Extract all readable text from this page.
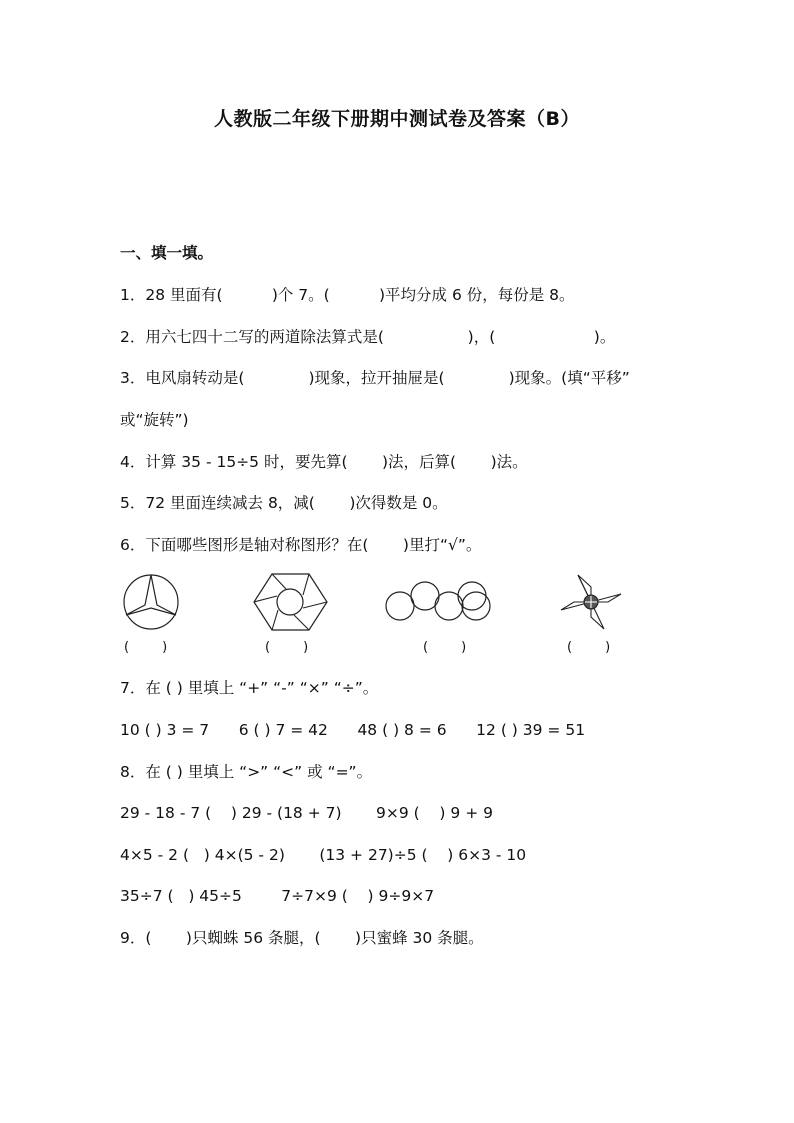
人教版二年级下册期中测试卷及答案（B）
一、填一填。
1．28 里面有(          )个 7。(          )平均分成 6 份，每份是 8。
2．用六七四十二写的两道除法算式是(                 )，(                    )。
3．电风扇转动是(             )现象，拉开抽屉是(             )现象。(填“平移”
或“旋转”)
4．计算 35 - 15÷5 时，要先算(       )法，后算(       )法。
5．72 里面连续减去 8，减(       )次得数是 0。
6．下面哪些图形是轴对称图形？在(       )里打“√”。
(        )	(        )	(        )	(        )
7．在 ( ) 里填上 “+” “-” “×” “÷”。
10 ( ) 3 = 7      6 ( ) 7 = 42      48 ( ) 8 = 6      12 ( ) 39 = 51
8．在 ( ) 里填上 “>” “<” 或 “=”。
29 - 18 - 7 (    ) 29 - (18 + 7)       9×9 (    ) 9 + 9
4×5 - 2 (   ) 4×(5 - 2)       (13 + 27)÷5 (    ) 6×3 - 10
35÷7 (   ) 45÷5        7÷7×9 (    ) 9÷9×7
9．(       )只蜘蛛 56 条腿，(       )只蜜蜂 30 条腿。
